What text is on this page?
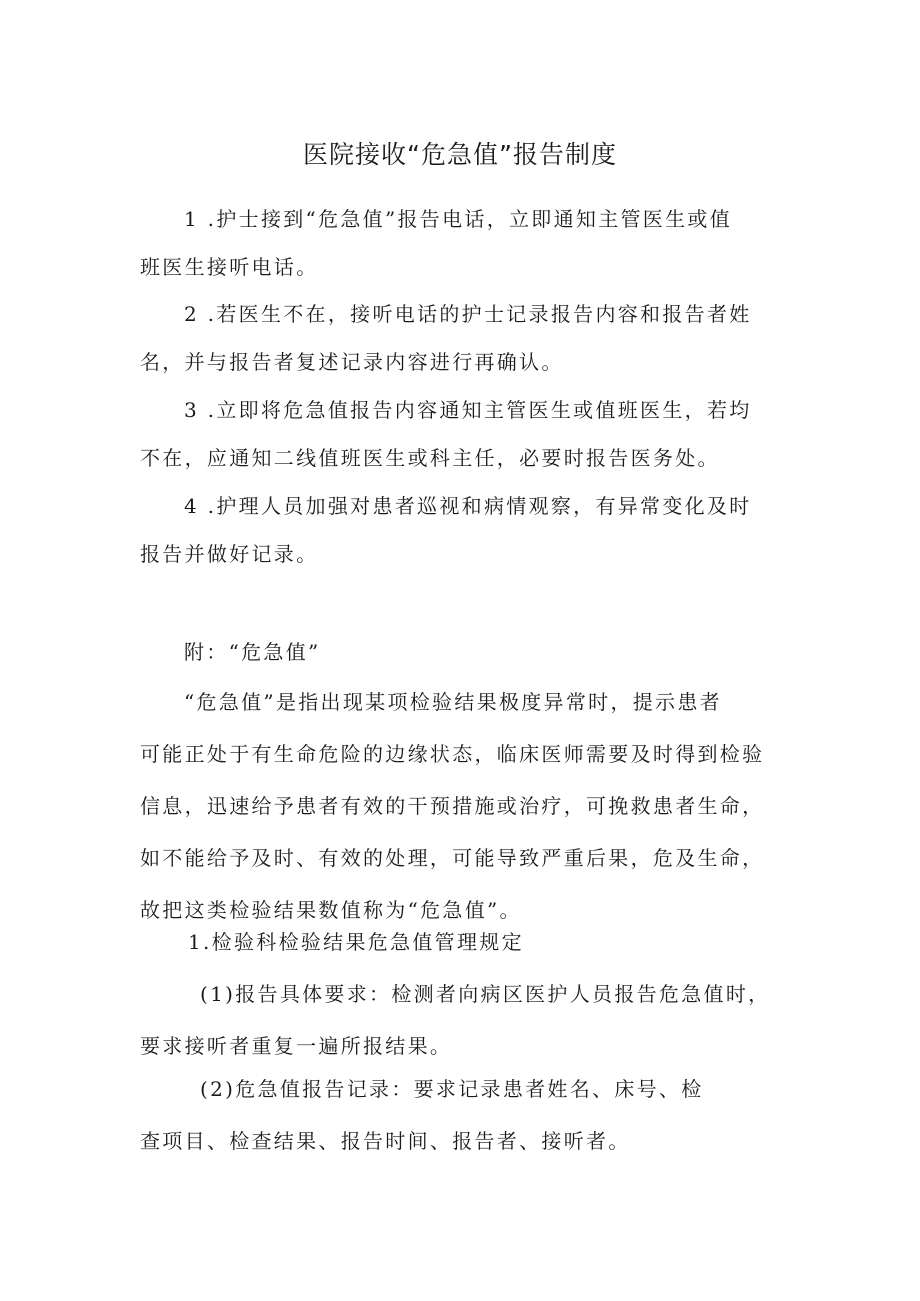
医院接收“危急值”报告制度

1 .护士接到“危急值”报告电话，立即通知主管医生或值
班医生接听电话。

2 .若医生不在，接听电话的护士记录报告内容和报告者姓
名，并与报告者复述记录内容进行再确认。

3 .立即将危急值报告内容通知主管医生或值班医生，若均
不在，应通知二线值班医生或科主任，必要时报告医务处。

4 .护理人员加强对患者巡视和病情观察，有异常变化及时
报告并做好记录。

附：“危急值”

“危急值”是指出现某项检验结果极度异常时，提示患者
可能正处于有生命危险的边缘状态，临床医师需要及时得到检验
信息，迅速给予患者有效的干预措施或治疗，可挽救患者生命，
如不能给予及时、有效的处理，可能导致严重后果，危及生命，
故把这类检验结果数值称为“危急值”。

1.检验科检验结果危急值管理规定

(1)报告具体要求：检测者向病区医护人员报告危急值时，
要求接听者重复一遍所报结果。

(2)危急值报告记录：要求记录患者姓名、床号、检
查项目、检查结果、报告时间、报告者、接听者。
